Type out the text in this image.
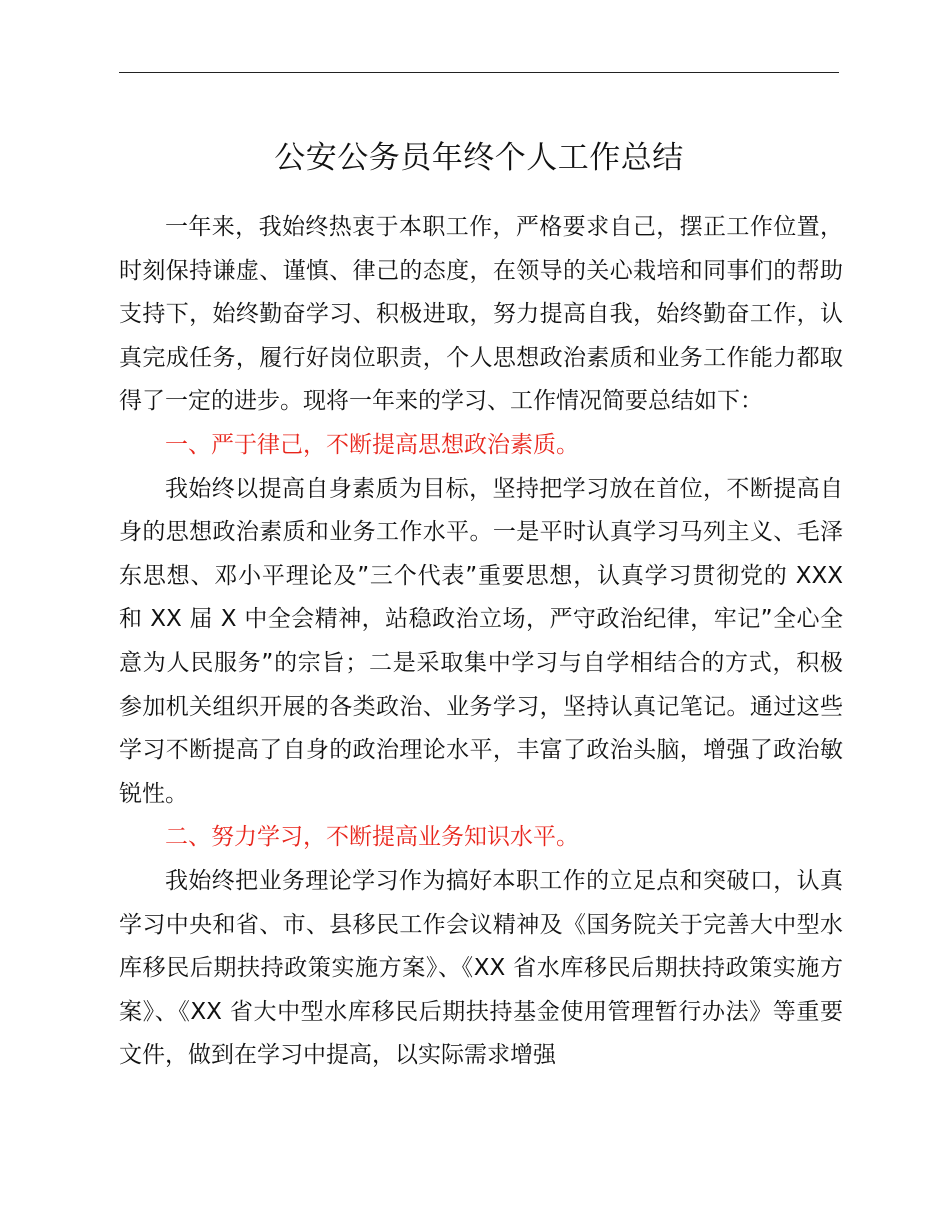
公安公务员年终个人工作总结

一年来，我始终热衷于本职工作，严格要求自己，摆正工作位置，时刻保持谦虚、谨慎、律己的态度，在领导的关心栽培和同事们的帮助支持下，始终勤奋学习、积极进取，努力提高自我，始终勤奋工作，认真完成任务，履行好岗位职责，个人思想政治素质和业务工作能力都取得了一定的进步。现将一年来的学习、工作情况简要总结如下：

一、严于律己，不断提高思想政治素质。

我始终以提高自身素质为目标，坚持把学习放在首位，不断提高自身的思想政治素质和业务工作水平。一是平时认真学习马列主义、毛泽东思想、邓小平理论及”三个代表”重要思想，认真学习贯彻党的 XXX 和 XX 届 X 中全会精神，站稳政治立场，严守政治纪律，牢记”全心全意为人民服务”的宗旨；二是采取集中学习与自学相结合的方式，积极参加机关组织开展的各类政治、业务学习，坚持认真记笔记。通过这些学习不断提高了自身的政治理论水平，丰富了政治头脑，增强了政治敏锐性。

二、努力学习，不断提高业务知识水平。

我始终把业务理论学习作为搞好本职工作的立足点和突破口，认真学习中央和省、市、县移民工作会议精神及《国务院关于完善大中型水库移民后期扶持政策实施方案》、《XX 省水库移民后期扶持政策实施方案》、《XX 省大中型水库移民后期扶持基金使用管理暂行办法》等重要文件，做到在学习中提高，以实际需求增强
